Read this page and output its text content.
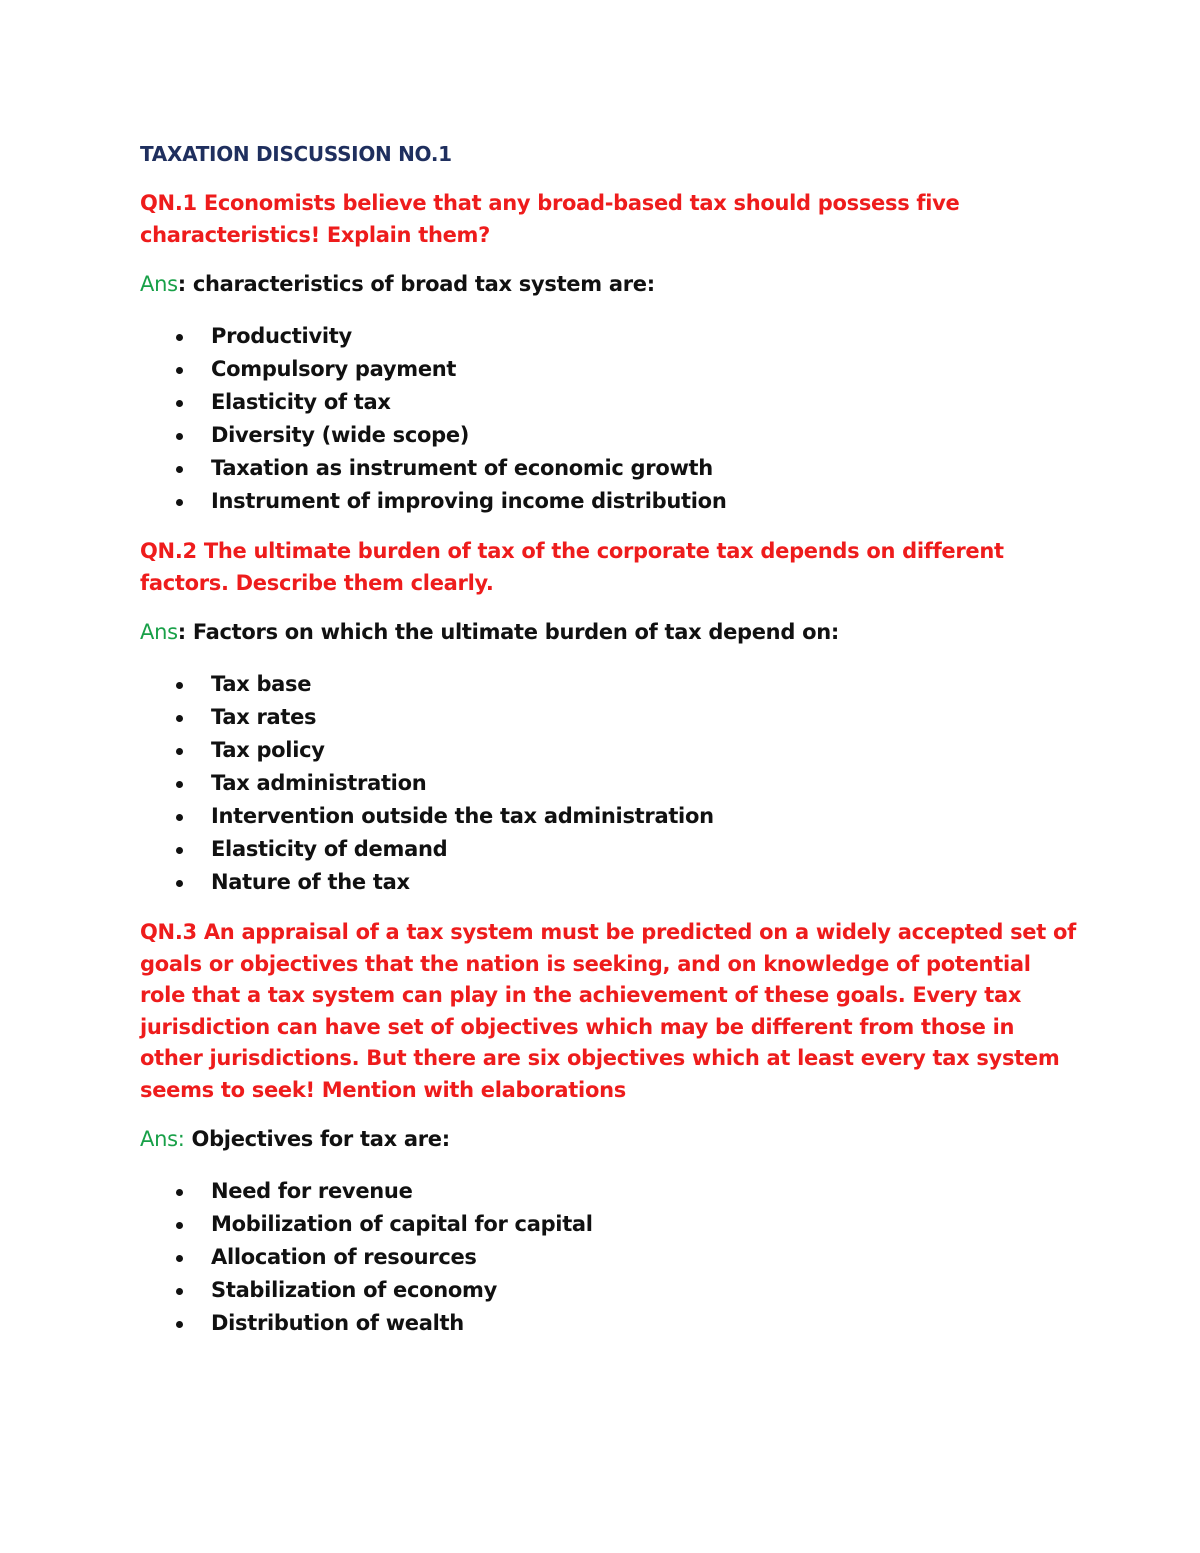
TAXATION DISCUSSION NO.1

QN.1 Economists believe that any broad-based tax should possess five characteristics! Explain them?

Ans: characteristics of broad tax system are:

Productivity
Compulsory payment
Elasticity of tax
Diversity (wide scope)
Taxation as instrument of economic growth
Instrument of improving income distribution

QN.2 The ultimate burden of tax of the corporate tax depends on different factors. Describe them clearly.

Ans: Factors on which the ultimate burden of tax depend on:

Tax base
Tax rates
Tax policy
Tax administration
Intervention outside the tax administration
Elasticity of demand
Nature of the tax

QN.3 An appraisal of a tax system must be predicted on a widely accepted set of goals or objectives that the nation is seeking, and on knowledge of potential role that a tax system can play in the achievement of these goals. Every tax jurisdiction can have set of objectives which may be different from those in other jurisdictions. But there are six objectives which at least every tax system seems to seek! Mention with elaborations

Ans: Objectives for tax are:

Need for revenue
Mobilization of capital for capital
Allocation of resources
Stabilization of economy
Distribution of wealth
